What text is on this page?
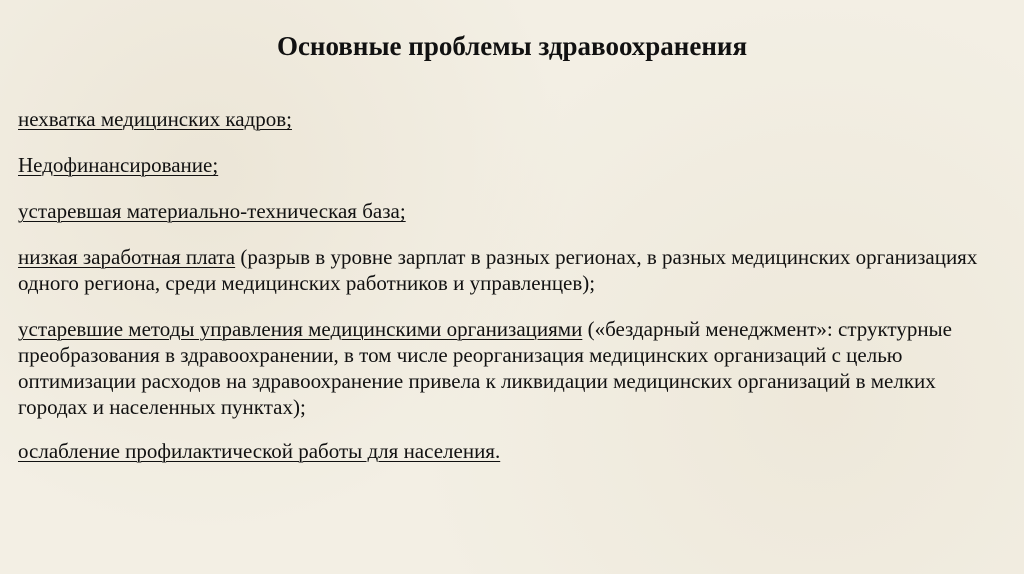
Основные проблемы здравоохранения
нехватка медицинских кадров;
Недофинансирование;
устаревшая материально-техническая база;
низкая заработная плата (разрыв в уровне зарплат в разных регионах, в разных медицинских организациях одного региона, среди медицинских работников и управленцев);
устаревшие методы управления медицинскими организациями («бездарный менеджмент»: структурные преобразования в здравоохранении, в том числе реорганизация медицинских организаций с целью оптимизации расходов на здравоохранение привела к ликвидации медицинских организаций в мелких городах и населенных пунктах);
ослабление профилактической работы для населения.
